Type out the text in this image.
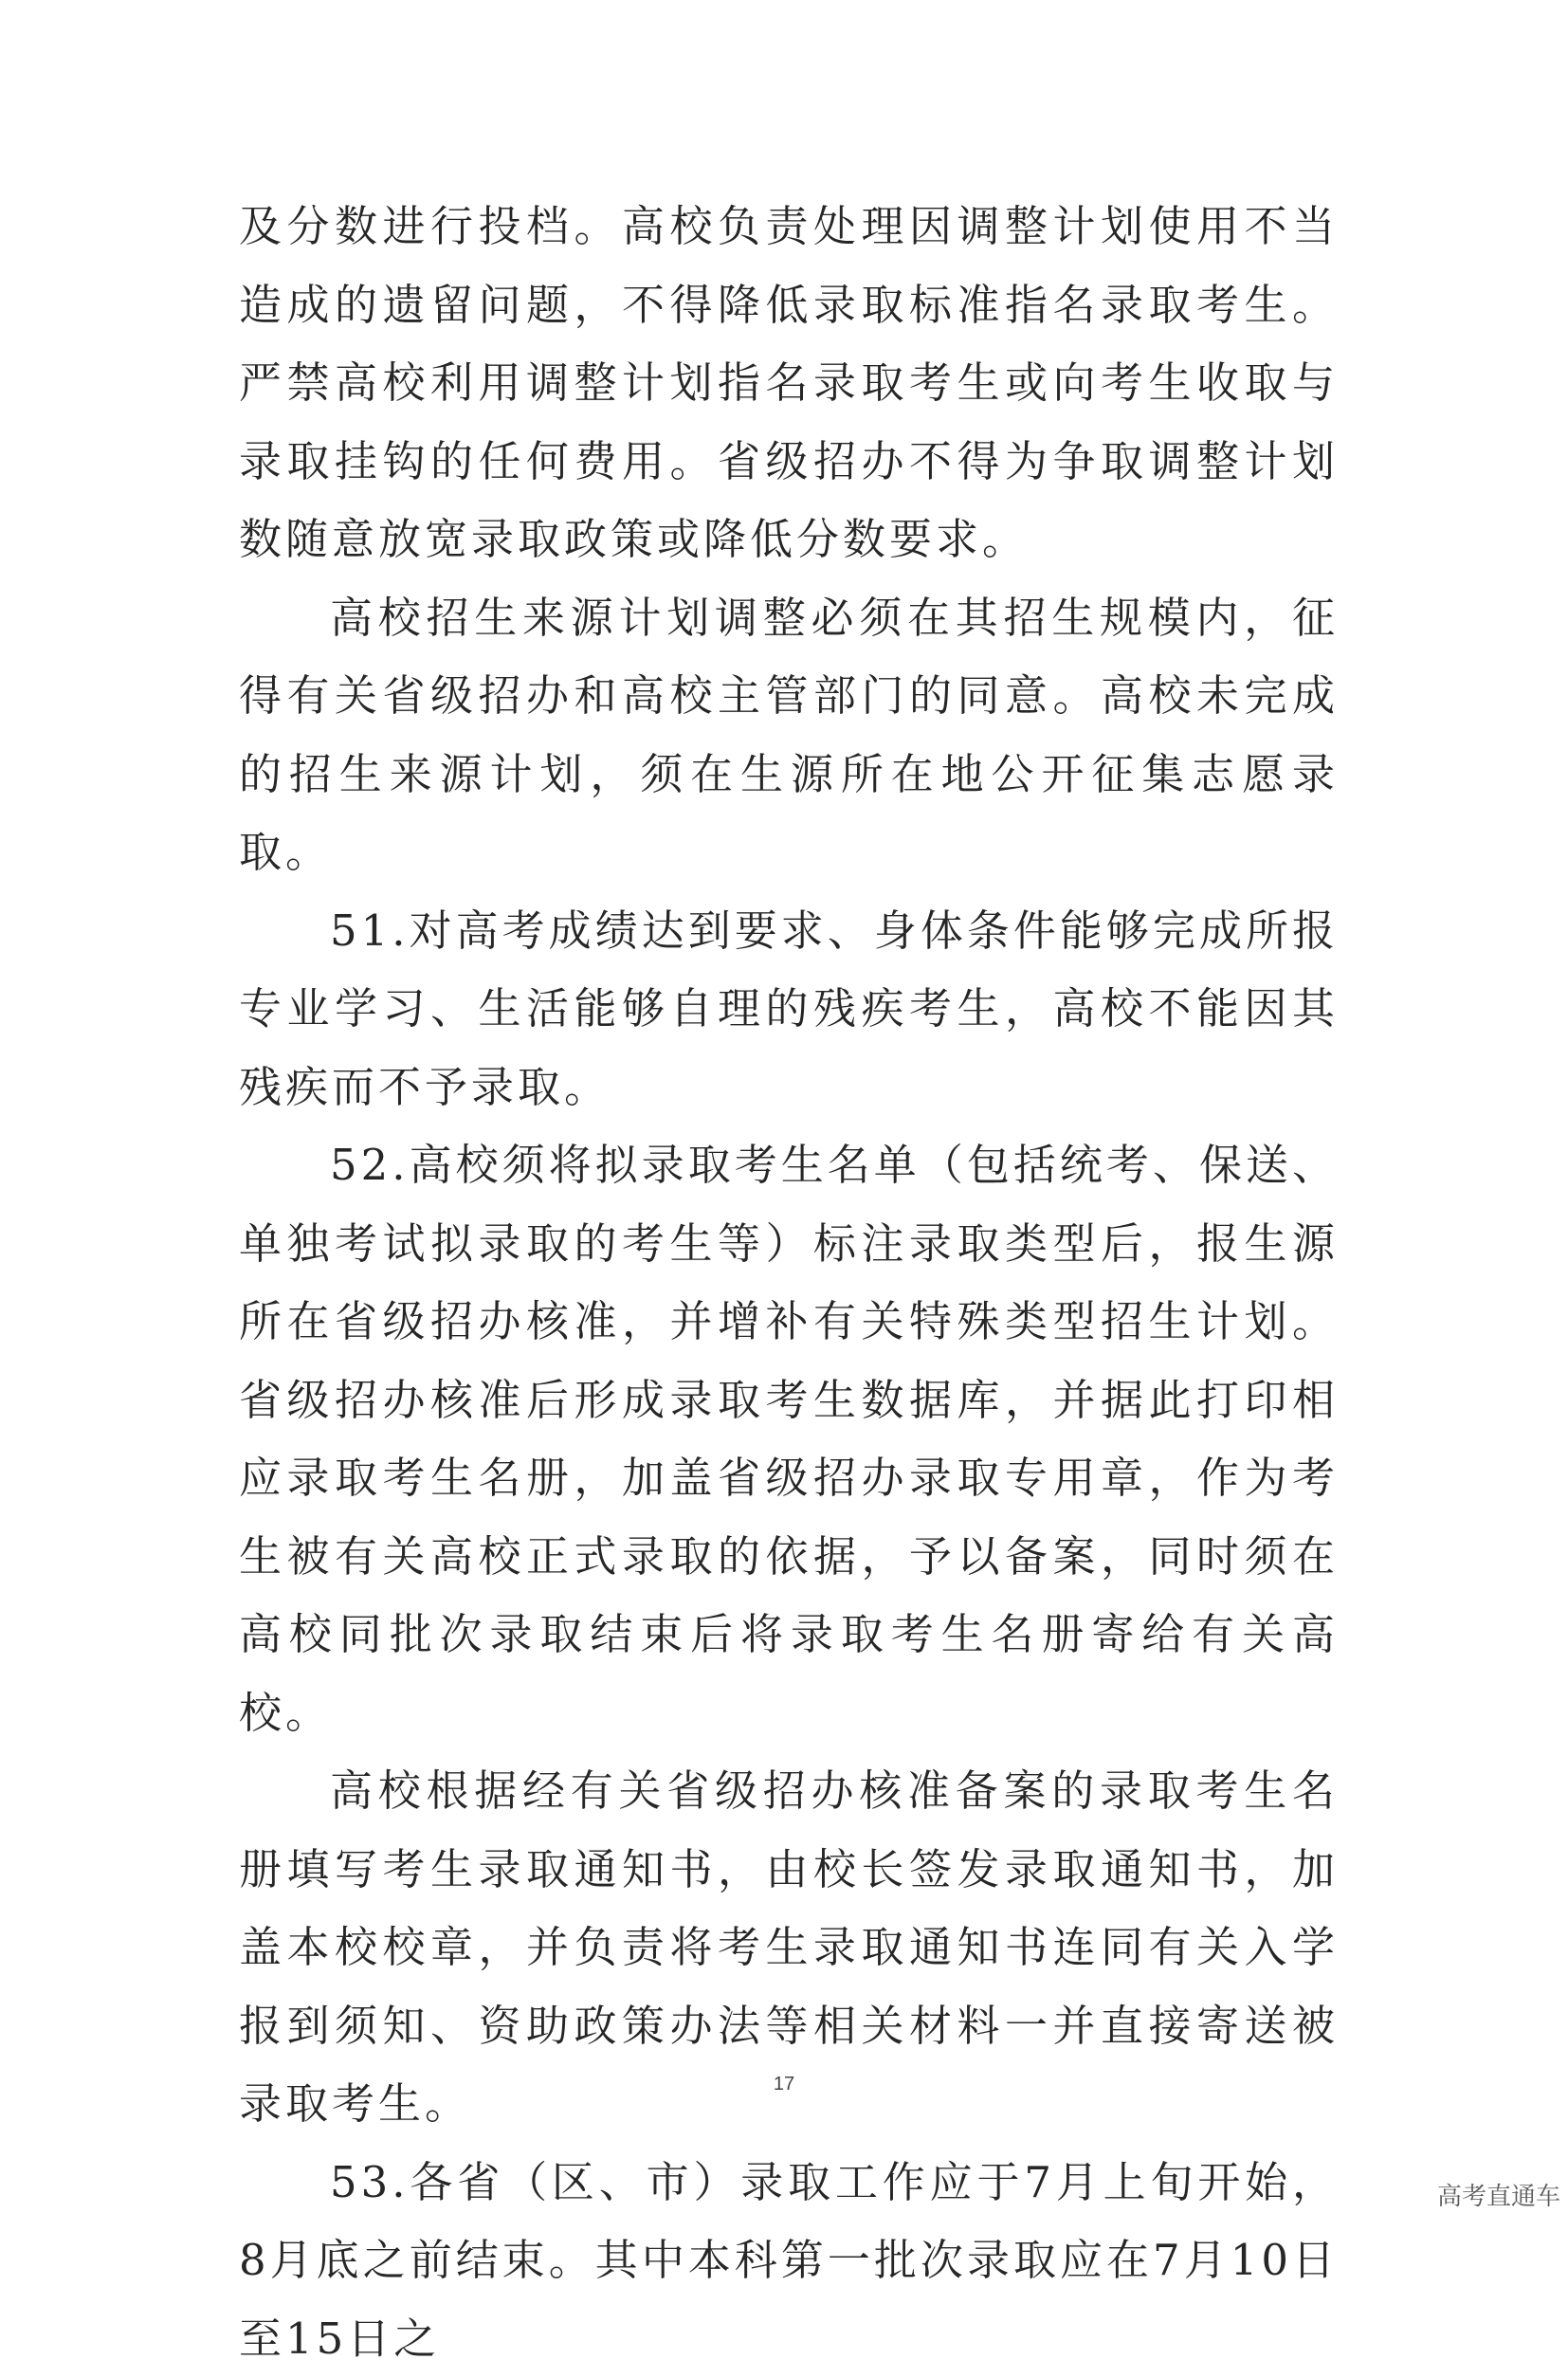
及分数进行投档。高校负责处理因调整计划使用不当造成的遗留问题，不得降低录取标准指名录取考生。严禁高校利用调整计划指名录取考生或向考生收取与录取挂钩的任何费用。省级招办不得为争取调整计划数随意放宽录取政策或降低分数要求。

高校招生来源计划调整必须在其招生规模内，征得有关省级招办和高校主管部门的同意。高校未完成的招生来源计划，须在生源所在地公开征集志愿录取。

51.对高考成绩达到要求、身体条件能够完成所报专业学习、生活能够自理的残疾考生，高校不能因其残疾而不予录取。

52.高校须将拟录取考生名单（包括统考、保送、单独考试拟录取的考生等）标注录取类型后，报生源所在省级招办核准，并增补有关特殊类型招生计划。省级招办核准后形成录取考生数据库，并据此打印相应录取考生名册，加盖省级招办录取专用章，作为考生被有关高校正式录取的依据，予以备案，同时须在高校同批次录取结束后将录取考生名册寄给有关高校。

高校根据经有关省级招办核准备案的录取考生名册填写考生录取通知书，由校长签发录取通知书，加盖本校校章，并负责将考生录取通知书连同有关入学报到须知、资助政策办法等相关材料一并直接寄送被录取考生。

53.各省（区、市）录取工作应于7月上旬开始，8月底之前结束。其中本科第一批次录取应在7月10日至15日之

17
高考直通车
